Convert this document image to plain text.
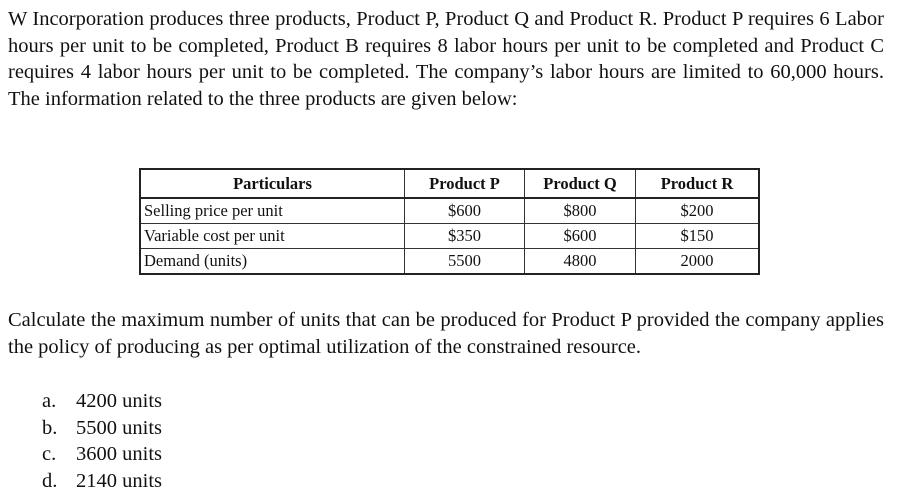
W Incorporation produces three products, Product P, Product Q and Product R. Product P requires 6 Labor hours per unit to be completed, Product B requires 8 labor hours per unit to be completed and Product C requires 4 labor hours per unit to be completed. The company’s labor hours are limited to 60,000 hours. The information related to the three products are given below:

Particulars	Product P	Product Q	Product R
Selling price per unit	$600	$800	$200
Variable cost per unit	$350	$600	$150
Demand (units)	5500	4800	2000

Calculate the maximum number of units that can be produced for Product P provided the company applies the policy of producing as per optimal utilization of the constrained resource.

a. 4200 units
b. 5500 units
c. 3600 units
d. 2140 units
